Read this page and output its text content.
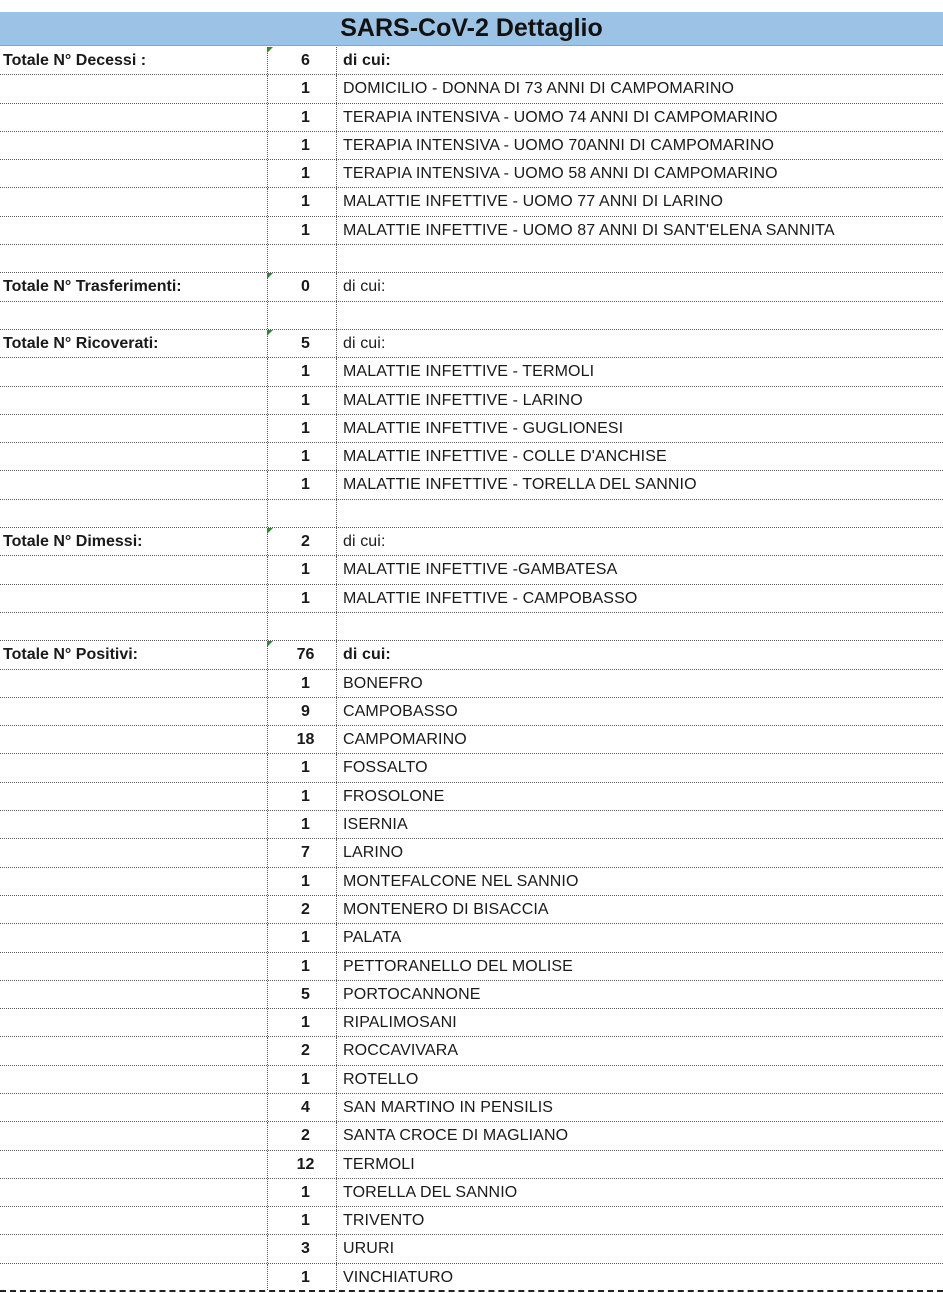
SARS-CoV-2 Dettaglio
Totale N° Decessi :	6	di cui:
1	DOMICILIO - DONNA DI 73 ANNI DI CAMPOMARINO
1	TERAPIA INTENSIVA - UOMO 74 ANNI DI CAMPOMARINO
1	TERAPIA INTENSIVA - UOMO 70ANNI DI CAMPOMARINO
1	TERAPIA INTENSIVA - UOMO 58 ANNI DI CAMPOMARINO
1	MALATTIE INFETTIVE - UOMO 77 ANNI DI LARINO
1	MALATTIE INFETTIVE - UOMO 87 ANNI DI SANT'ELENA SANNITA
Totale N° Trasferimenti:	0	di cui:
Totale N° Ricoverati:	5	di cui:
1	MALATTIE INFETTIVE - TERMOLI
1	MALATTIE INFETTIVE - LARINO
1	MALATTIE INFETTIVE - GUGLIONESI
1	MALATTIE INFETTIVE - COLLE D'ANCHISE
1	MALATTIE INFETTIVE - TORELLA DEL SANNIO
Totale N° Dimessi:	2	di cui:
1	MALATTIE INFETTIVE -GAMBATESA
1	MALATTIE INFETTIVE - CAMPOBASSO
Totale N° Positivi:	76	di cui:
1	BONEFRO
9	CAMPOBASSO
18	CAMPOMARINO
1	FOSSALTO
1	FROSOLONE
1	ISERNIA
7	LARINO
1	MONTEFALCONE NEL SANNIO
2	MONTENERO DI BISACCIA
1	PALATA
1	PETTORANELLO DEL MOLISE
5	PORTOCANNONE
1	RIPALIMOSANI
2	ROCCAVIVARA
1	ROTELLO
4	SAN MARTINO IN PENSILIS
2	SANTA CROCE DI MAGLIANO
12	TERMOLI
1	TORELLA DEL SANNIO
1	TRIVENTO
3	URURI
1	VINCHIATURO
